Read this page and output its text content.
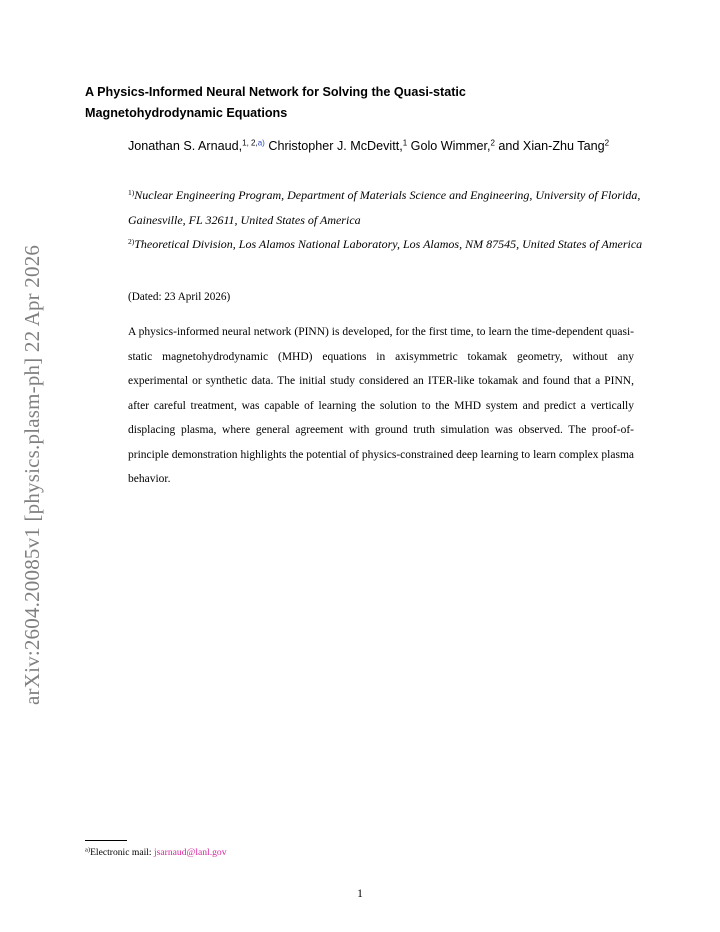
arXiv:2604.20085v1 [physics.plasm-ph] 22 Apr 2026
A Physics-Informed Neural Network for Solving the Quasi-static Magnetohydrodynamic Equations
Jonathan S. Arnaud,$^{1, 2,a)}$ Christopher J. McDevitt,$^1$ Golo Wimmer,$^2$ and Xian-Zhu Tang$^2$
$^{1)}$Nuclear Engineering Program, Department of Materials Science and Engineering, University of Florida, Gainesville, FL 32611, United States of America
$^{2)}$Theoretical Division, Los Alamos National Laboratory, Los Alamos, NM 87545, United States of America
(Dated: 23 April 2026)

A physics-informed neural network (PINN) is developed, for the first time, to learn the time-dependent quasi-static magnetohydrodynamic (MHD) equations in axisymmetric tokamak geometry, without any experimental or synthetic data. The initial study considered an ITER-like tokamak and found that a PINN, after careful treatment, was capable of learning the solution to the MHD system and predict a vertically displacing plasma, where general agreement with ground truth simulation was observed. The proof-of-principle demonstration highlights the potential of physics-constrained deep learning to learn complex plasma behavior.

$^{a)}$Electronic mail: jsarnaud@lanl.gov
1
